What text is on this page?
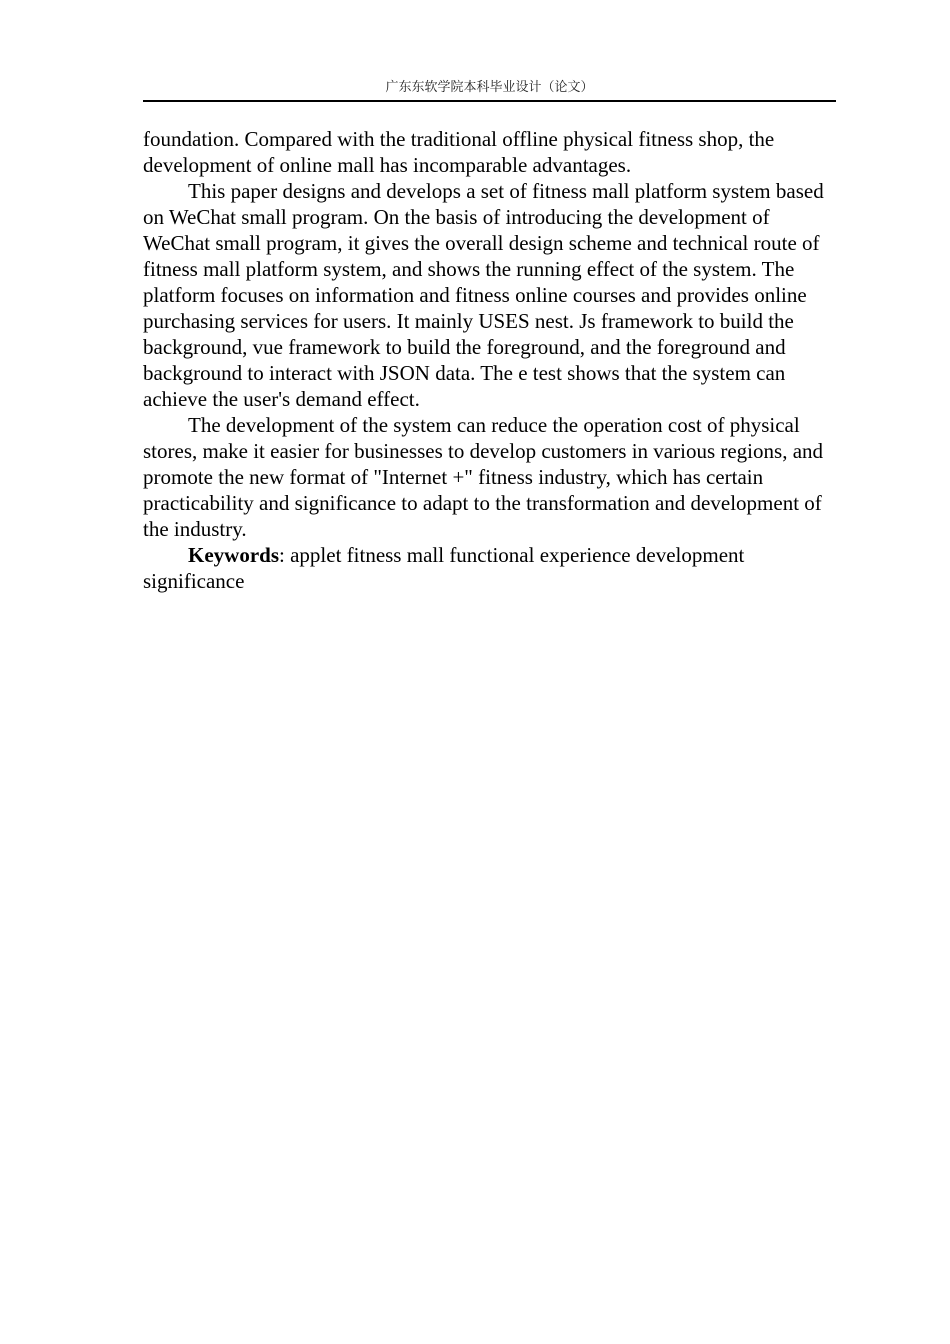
广东东软学院本科毕业设计（论文）

foundation. Compared with the traditional offline physical fitness shop, the development of online mall has incomparable advantages.

This paper designs and develops a set of fitness mall platform system based on WeChat small program. On the basis of introducing the development of WeChat small program, it gives the overall design scheme and technical route of fitness mall platform system, and shows the running effect of the system. The platform focuses on information and fitness online courses and provides online purchasing services for users. It mainly USES nest. Js framework to build the background, vue framework to build the foreground, and the foreground and background to interact with JSON data. The e test shows that the system can achieve the user's demand effect.

The development of the system can reduce the operation cost of physical stores, make it easier for businesses to develop customers in various regions, and promote the new format of "Internet +" fitness industry, which has certain practicability and significance to adapt to the transformation and development of the industry.

Keywords: applet fitness mall functional experience development significance
